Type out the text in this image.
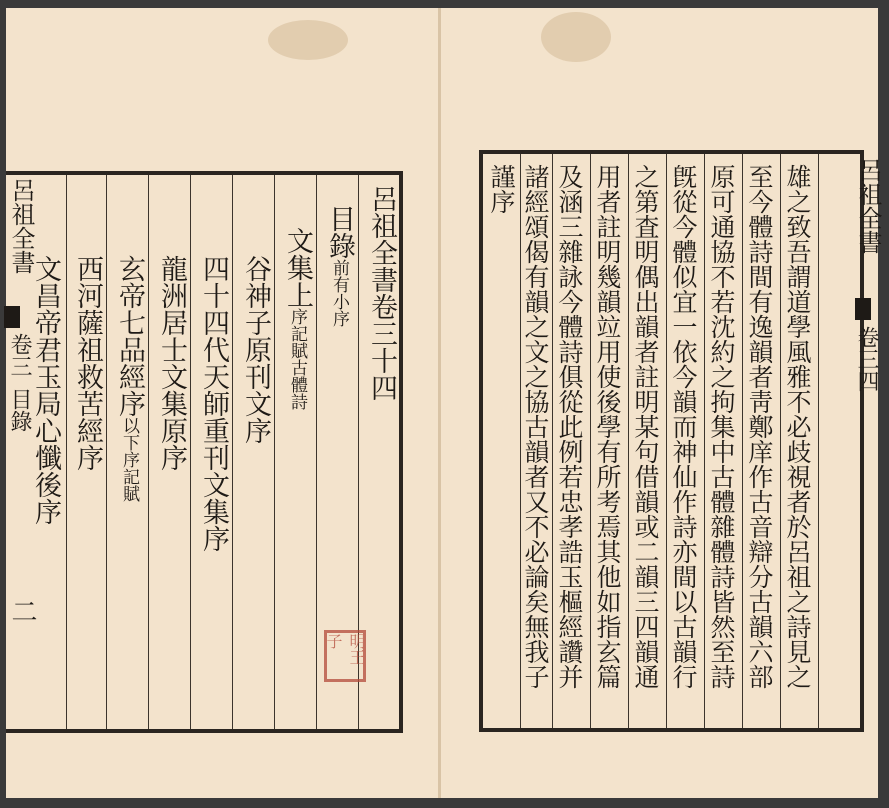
呂祖全書卷三十四
目錄前有小序
文集上序記賦古體詩
谷神子原刊文序
四十四代天師重刊文集序
龍洲居士文集原序
玄帝七品經序以下序記賦
西河薩祖救苦經序
文昌帝君玉局心懺後序
明王子
呂祖全書
卷三
目錄
二	雄之致吾謂道學風雅不必歧視者於呂祖之詩見之
至今體詩間有逸韻者靑鄭庠作古音辯分古韻六部
原可通協不若沈約之拘集中古體雜體詩皆然至詩
旣從今體似宜一依今韻而神仙作詩亦間以古韻行
之第査明偶出韻者註明某句借韻或二韻三四韻通
用者註明幾韻竝用使後學有所考焉其他如指玄篇
及涵三雜詠今體詩俱從此例若忠孝誥玉樞經讚并
諸經頌偈有韻之文之協古韻者又不必論矣無我子
謹序	呂祖全書
卷三四
